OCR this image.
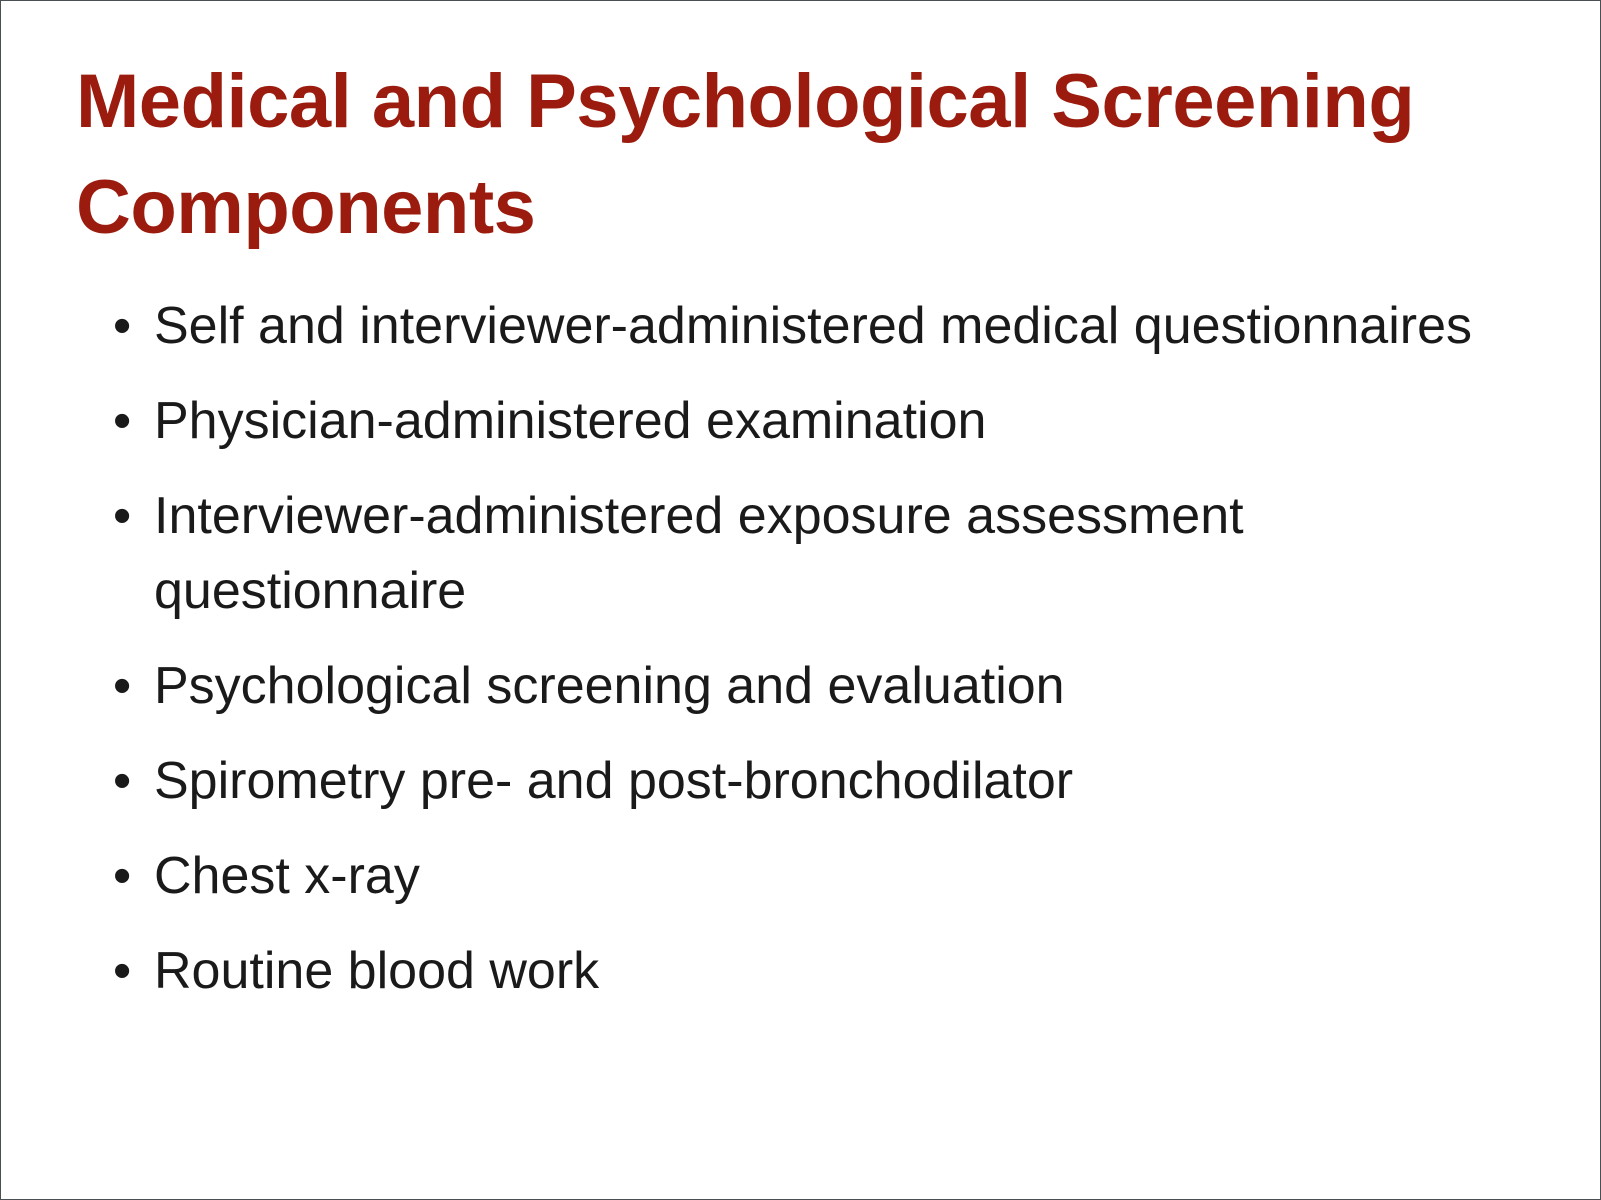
Medical and Psychological Screening Components
• Self and interviewer-administered medical questionnaires
• Physician-administered examination
• Interviewer-administered exposure assessment questionnaire
• Psychological screening and evaluation
• Spirometry pre- and post-bronchodilator
• Chest x-ray
• Routine blood work
